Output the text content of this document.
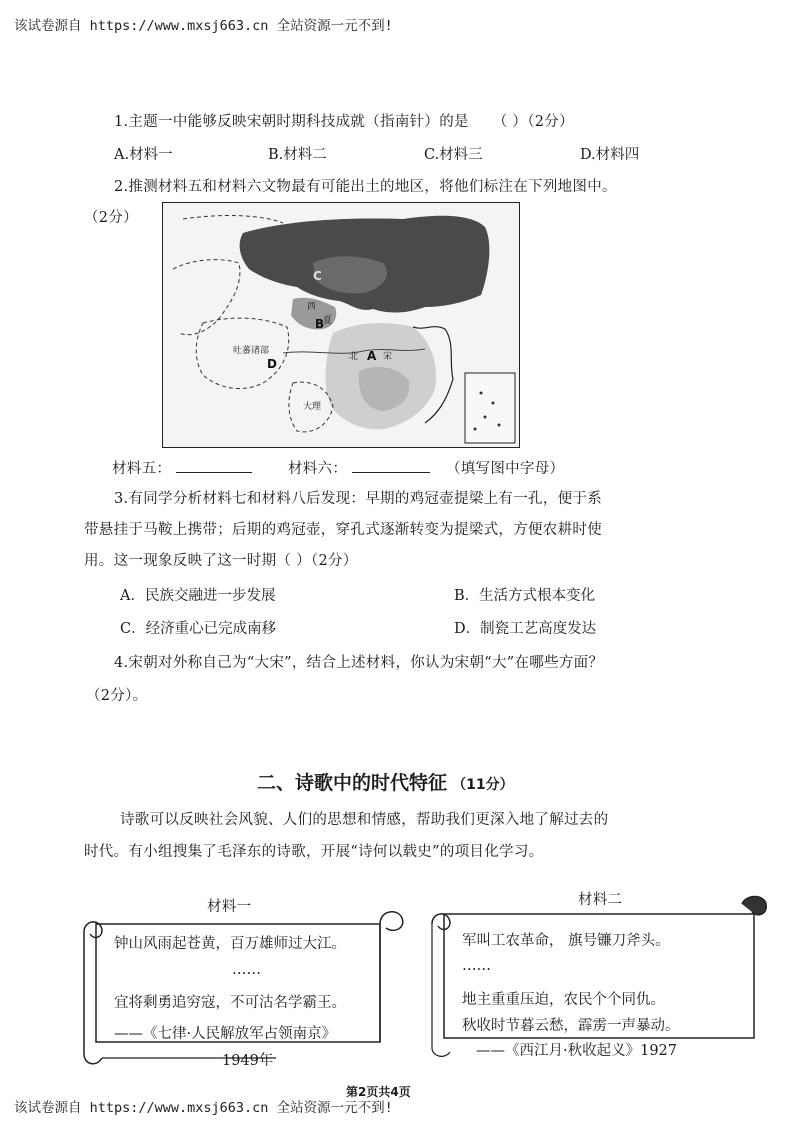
该试卷源自 https://www.mxsj663.cn 全站资源一元不到!
1.主题一中能够反映宋朝时期科技成就（指南针）的是 （ ）（2分）
A.材料一	B.材料二	C.材料三	D.材料四
2.推测材料五和材料六文物最有可能出土的地区，将他们标注在下列地图中。
（2分）
C
B
A
D
西
夏
北	宋
吐蕃诸部
大理
材料五：	材料六：	（填写图中字母）
3.有同学分析材料七和材料八后发现：早期的鸡冠壶提梁上有一孔，便于系
带悬挂于马鞍上携带；后期的鸡冠壶，穿孔式逐渐转变为提梁式，方便农耕时使
用。这一现象反映了这一时期（ ）（2分）
A．民族交融进一步发展	B．生活方式根本变化
C．经济重心已完成南移	D．制瓷工艺高度发达
4.宋朝对外称自己为“大宋”，结合上述材料，你认为宋朝“大”在哪些方面？
（2分）。
二、诗歌中的时代特征 （11分）
诗歌可以反映社会风貌、人们的思想和情感，帮助我们更深入地了解过去的
时代。有小组搜集了毛泽东的诗歌，开展“诗何以载史”的项目化学习。
材料一	材料二
钟山风雨起苍黄，百万雄师过大江。
……
宜将剩勇追穷寇，不可沽名学霸王。
——《七律·人民解放军占领南京》
1949年
军叫工农革命， 旗号镰刀斧头。
……
地主重重压迫，农民个个同仇。
秋收时节暮云愁，霹雳一声暴动。
——《西江月·秋收起义》1927
第2页共4页
该试卷源自 https://www.mxsj663.cn 全站资源一元不到!
